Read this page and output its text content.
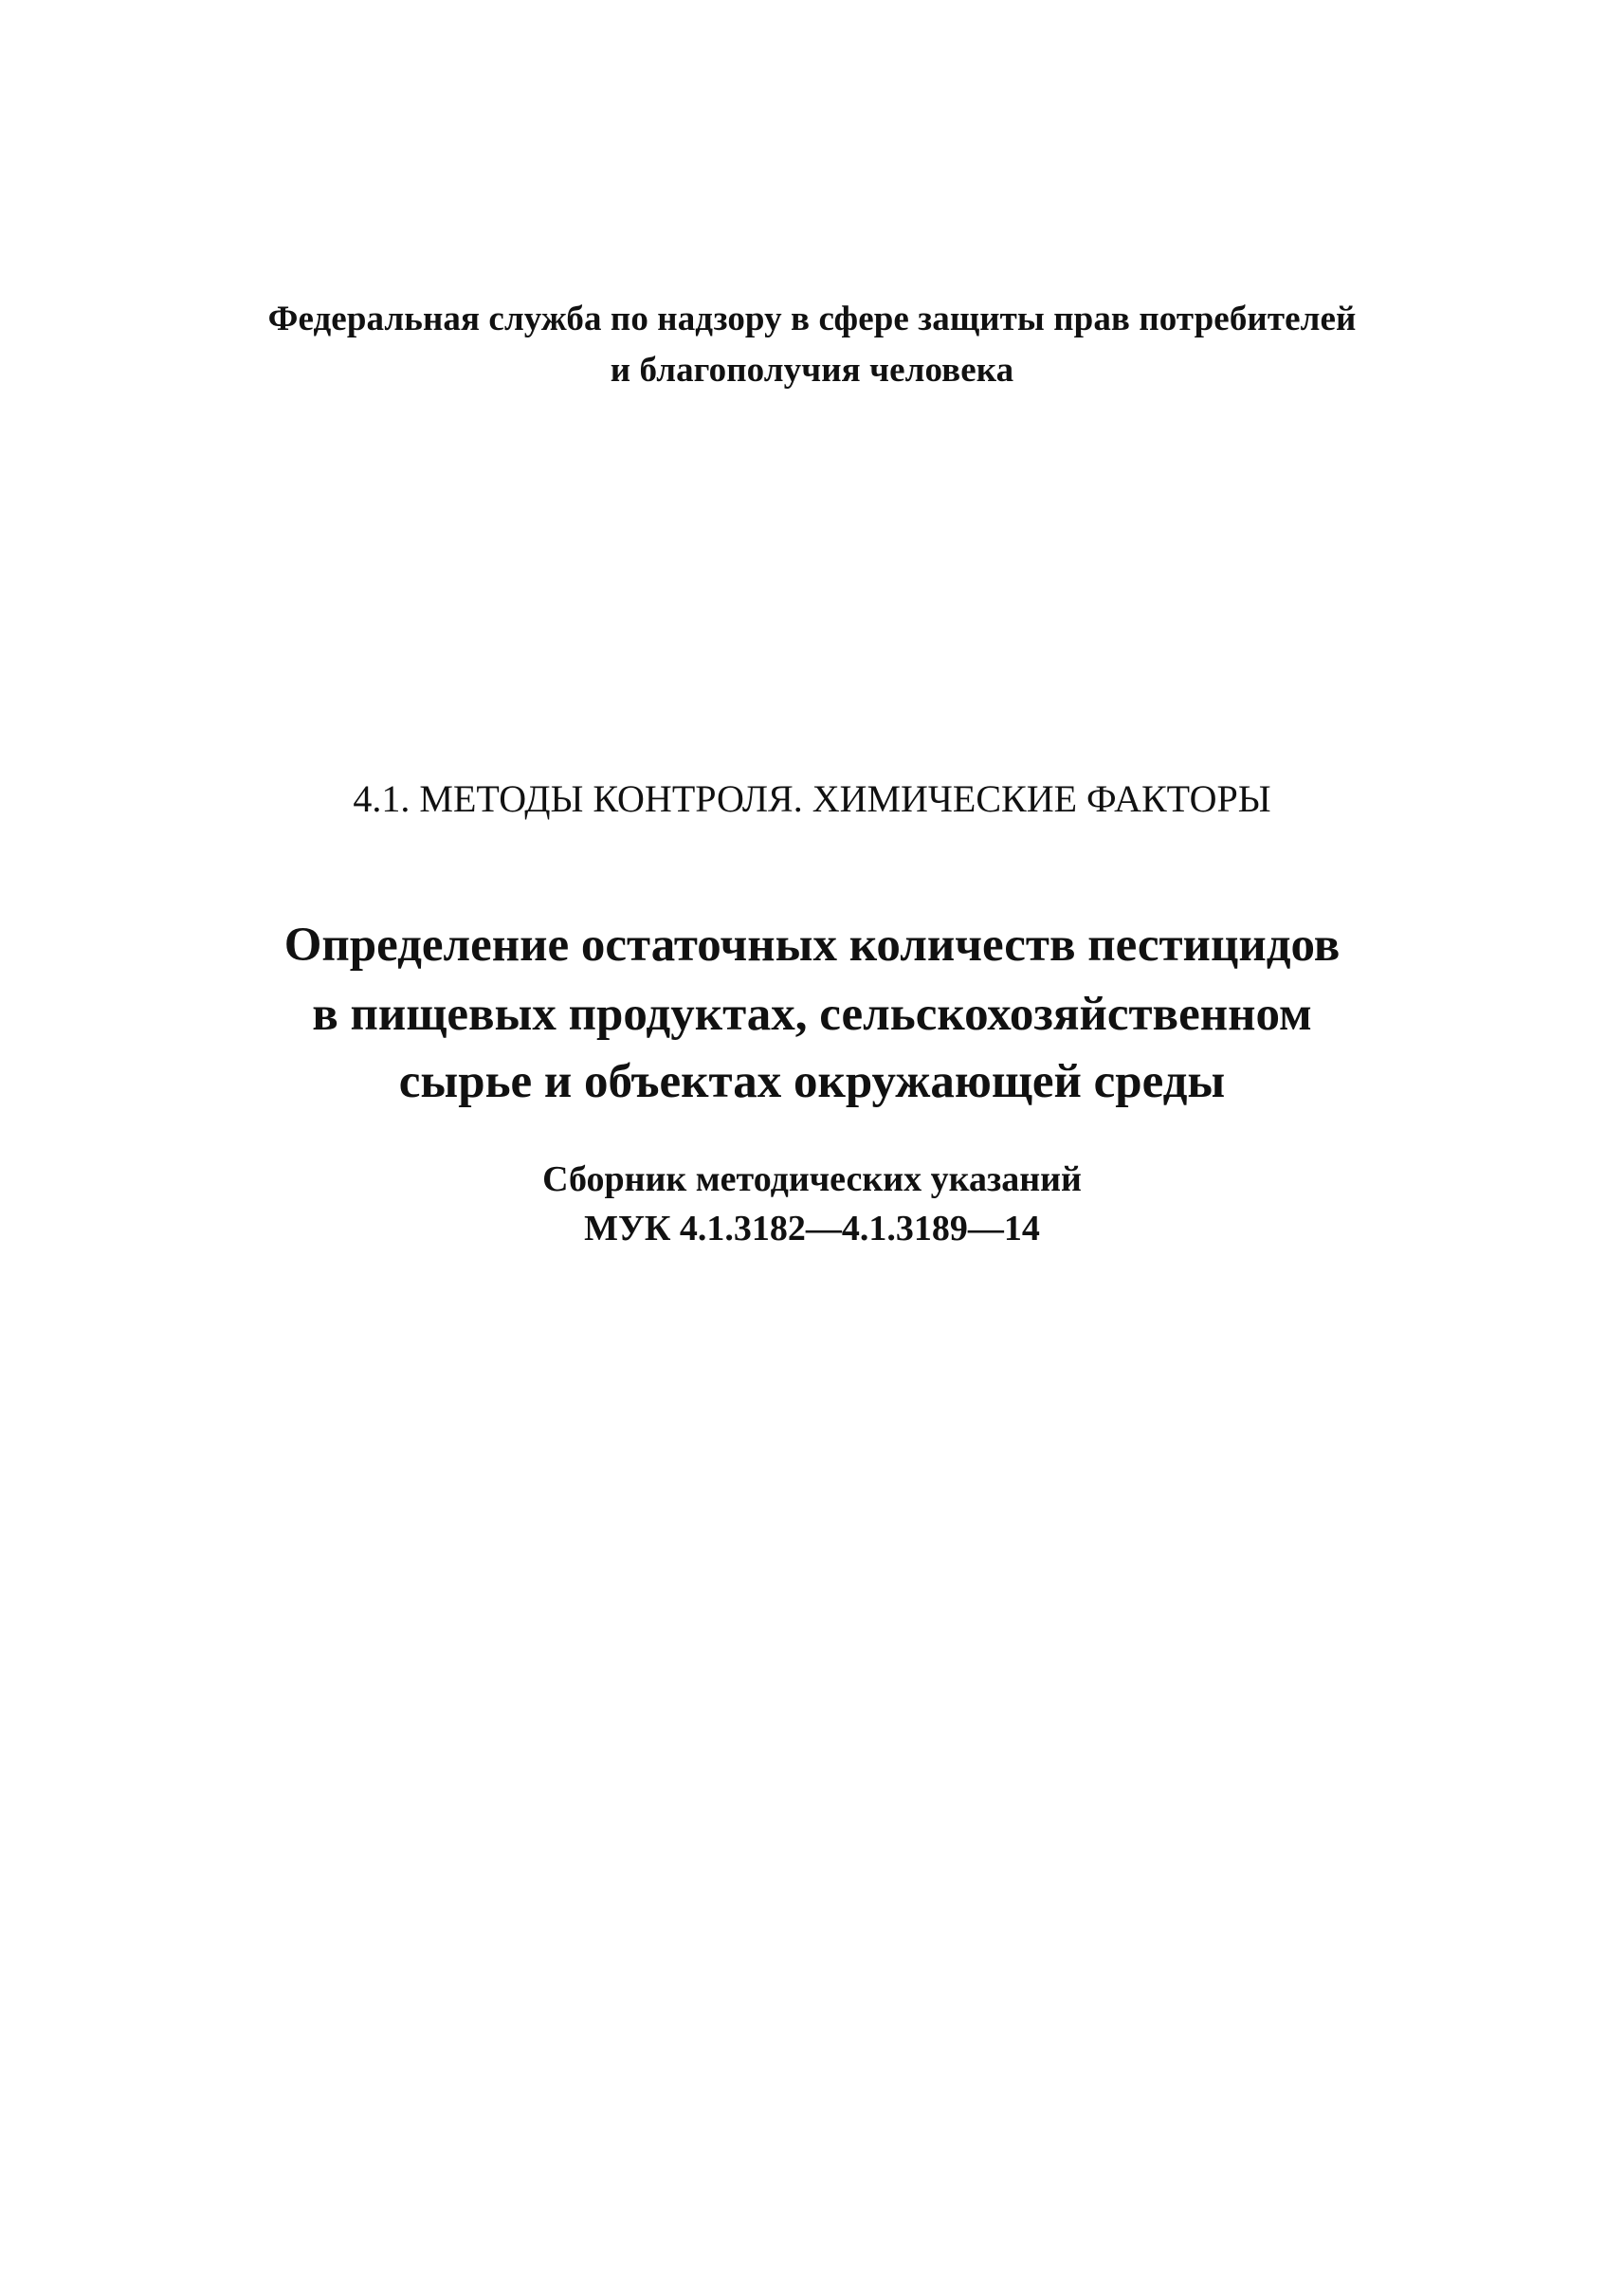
Федеральная служба по надзору в сфере защиты прав потребителей
и благополучия человека
4.1. МЕТОДЫ КОНТРОЛЯ. ХИМИЧЕСКИЕ ФАКТОРЫ
Определение остаточных количеств пестицидов
в пищевых продуктах, сельскохозяйственном
сырье и объектах окружающей среды
Сборник методических указаний
МУК 4.1.3182—4.1.3189—14
